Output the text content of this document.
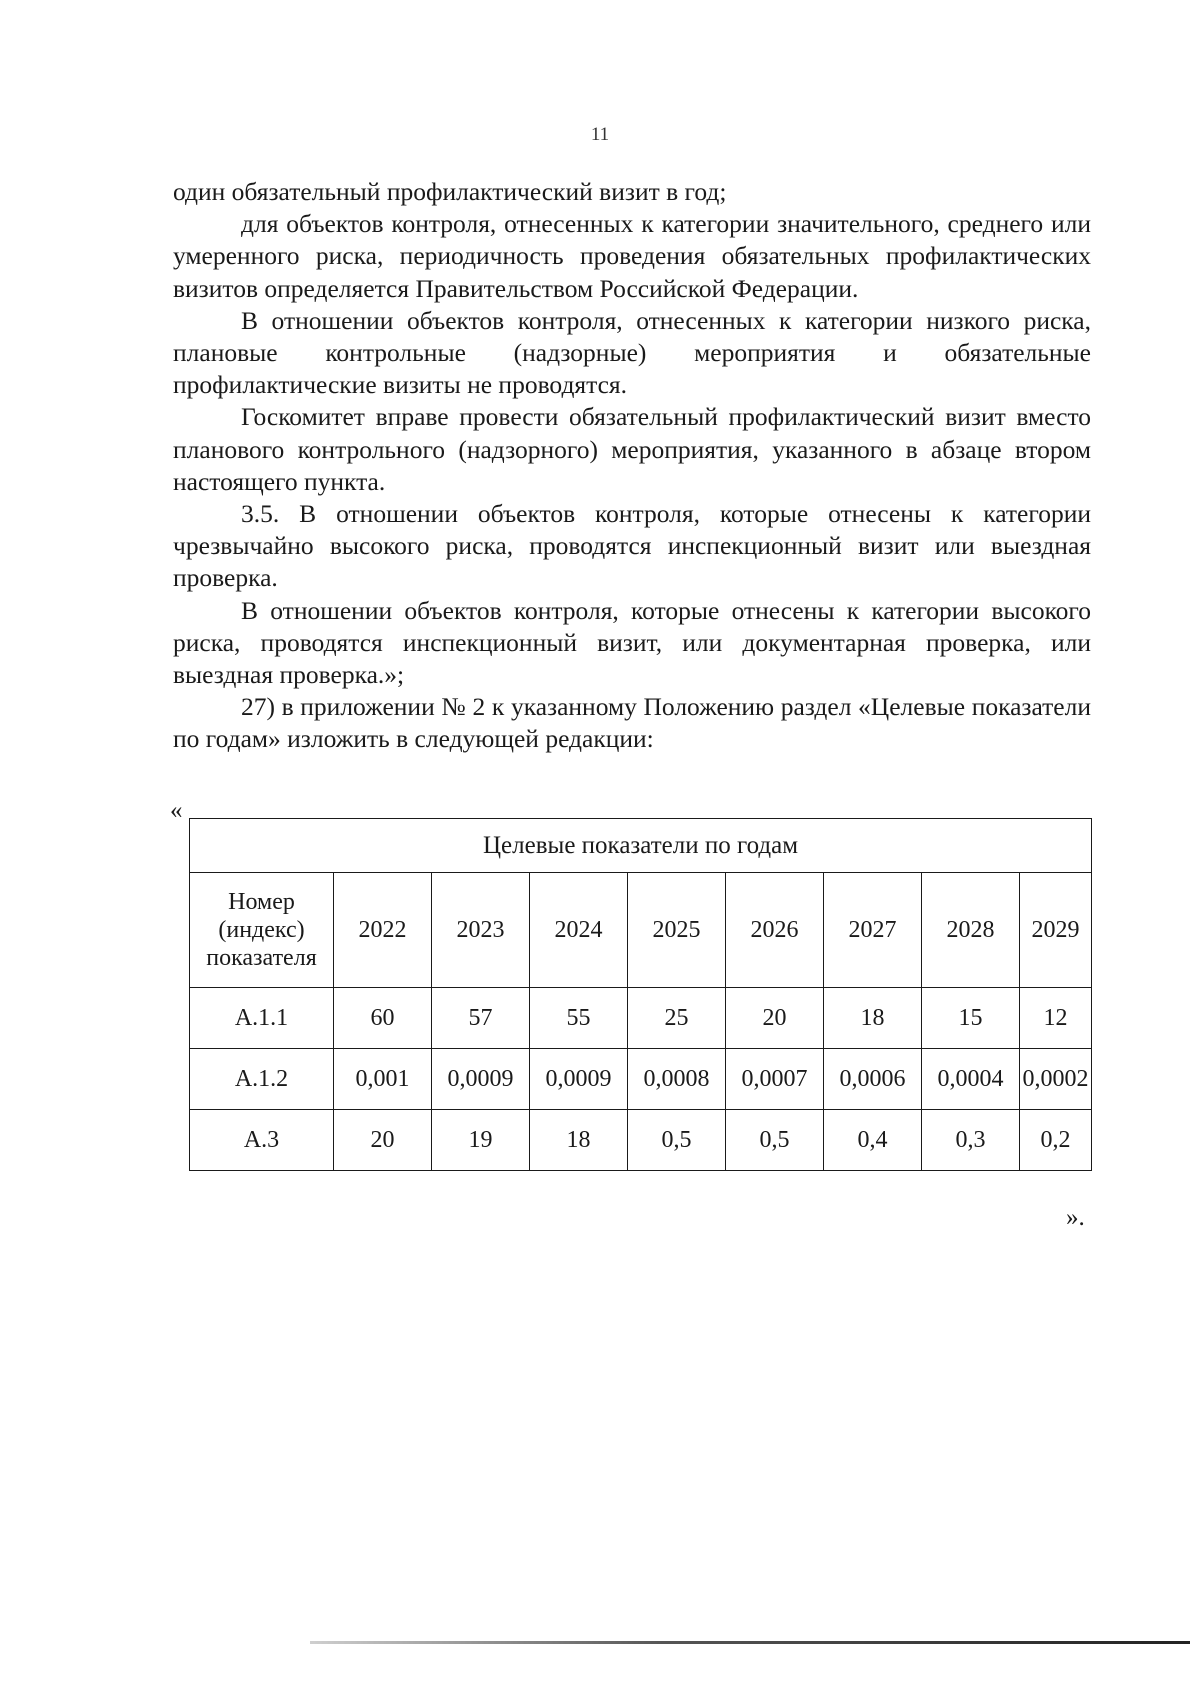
11

один обязательный профилактический визит в год;

для объектов контроля, отнесенных к категории значительного, среднего или умеренного риска, периодичность проведения обязательных профилактических визитов определяется Правительством Российской Федерации.

В отношении объектов контроля, отнесенных к категории низкого риска, плановые контрольные (надзорные) мероприятия и обязательные профилактические визиты не проводятся.

Госкомитет вправе провести обязательный профилактический визит вместо планового контрольного (надзорного) мероприятия, указанного в абзаце втором настоящего пункта.

3.5. В отношении объектов контроля, которые отнесены к категории чрезвычайно высокого риска, проводятся инспекционный визит или выездная проверка.

В отношении объектов контроля, которые отнесены к категории высокого риска, проводятся инспекционный визит, или документарная проверка, или выездная проверка.»;

27) в приложении № 2 к указанному Положению раздел «Целевые показатели по годам» изложить в следующей редакции:

«
Целевые показатели по годам								
Номер (индекс) показателя	2022	2023	2024	2025	2026	2027	2028	2029
А.1.1	60	57	55	25	20	18	15	12
А.1.2	0,001	0,0009	0,0009	0,0008	0,0007	0,0006	0,0004	0,0002
А.3	20	19	18	0,5	0,5	0,4	0,3	0,2
».
